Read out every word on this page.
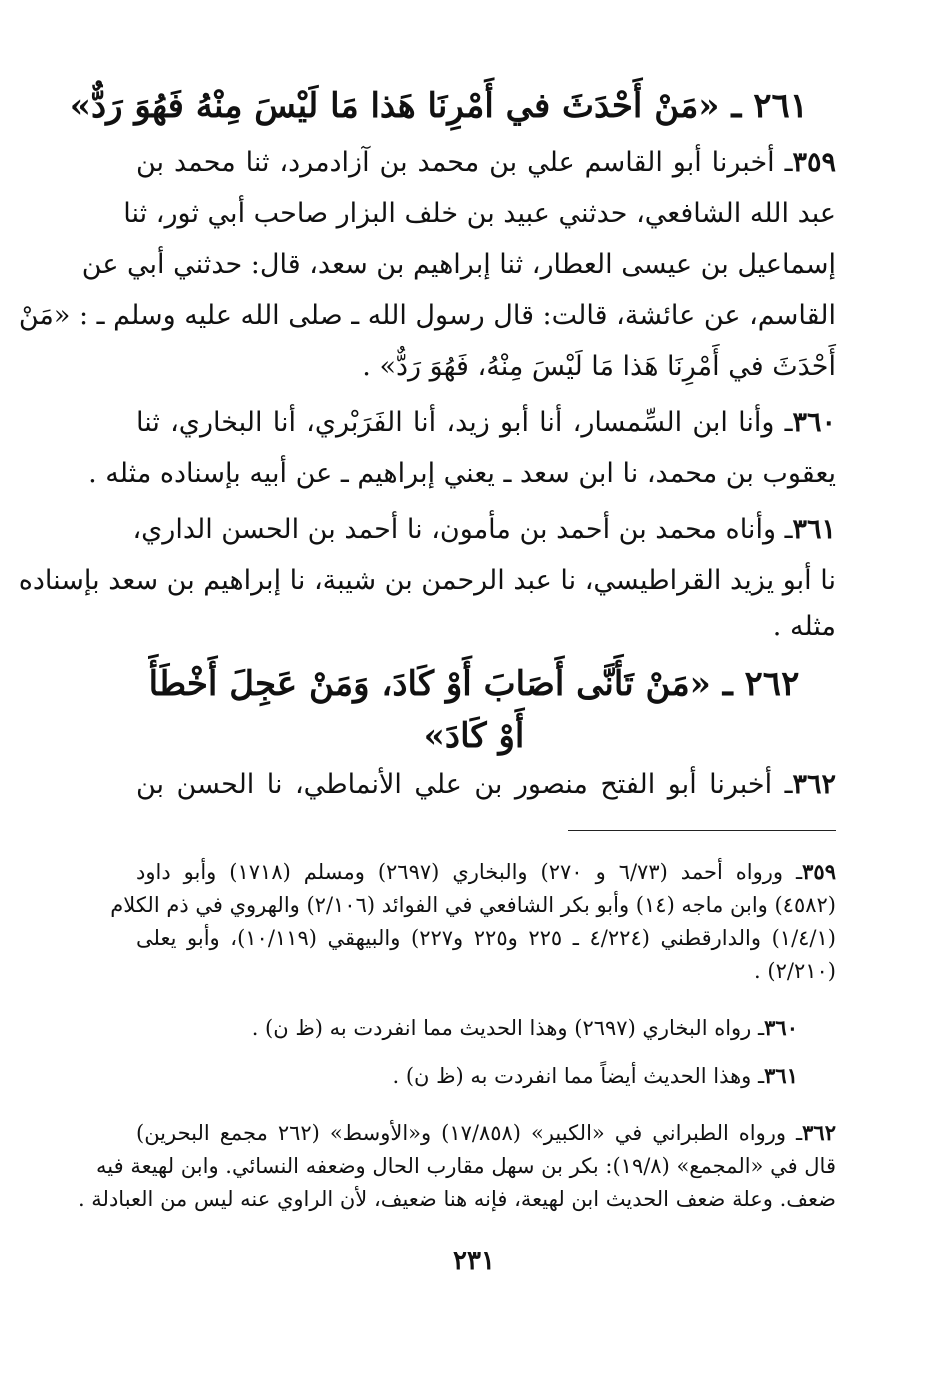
٢٦١ ـ «مَنْ أَحْدَثَ في أَمْرِنَا هَذا مَا لَيْسَ مِنْهُ فَهُوَ رَدٌّ»
٣٥٩ـ أخبرنا أبو القاسم علي بن محمد بن آزادمرد، ثنا محمد بن
عبد الله الشافعي، حدثني عبيد بن خلف البزار صاحب أبي ثور، ثنا
إسماعيل بن عيسى العطار، ثنا إبراهيم بن سعد، قال: حدثني أبي عن
القاسم، عن عائشة، قالت: قال رسول الله ـ صلى الله عليه وسلم ـ : «مَنْ
أَحْدَثَ في أَمْرِنَا هَذا مَا لَيْسَ مِنْهُ، فَهُوَ رَدٌّ» .
٣٦٠ـ وأنا ابن السِّمسار، أنا أبو زيد، أنا الفَرَبْري، أنا البخاري، ثنا
يعقوب بن محمد، نا ابن سعد ـ يعني إبراهيم ـ عن أبيه بإسناده مثله .
٣٦١ـ وأناه محمد بن أحمد بن مأمون، نا أحمد بن الحسن الداري،
نا أبو يزيد القراطيسي، نا عبد الرحمن بن شيبة، نا إبراهيم بن سعد بإسناده
مثله .
٢٦٢ ـ «مَنْ تَأَنَّى أَصَابَ أَوْ كَادَ، وَمَنْ عَجِلَ أَخْطَأَ
أَوْ كَادَ»
٣٦٢ـ أخبرنا أبو الفتح منصور بن علي الأنماطي، نا الحسن بن
٣٥٩ـ ورواه أحمد (٦/٧٣ و ٢٧٠) والبخاري (٢٦٩٧) ومسلم (١٧١٨) وأبو داود
(٤٥٨٢) وابن ماجه (١٤) وأبو بكر الشافعي في الفوائد (٢/١٠٦) والهروي في ذم الكلام
(١/٤/١) والدارقطني (٤/٢٢٤ ـ ٢٢٥ و٢٢٥ و٢٢٧) والبيهقي (١٠/١١٩)، وأبو يعلى
(٢/٢١٠) .
٣٦٠ـ رواه البخاري (٢٦٩٧) وهذا الحديث مما انفردت به (ظ ن) .
٣٦١ـ وهذا الحديث أيضاً مما انفردت به (ظ ن) .
٣٦٢ـ ورواه الطبراني في «الكبير» (١٧/٨٥٨) و«الأوسط» (٢٦٢ مجمع البحرين)
قال في «المجمع» (١٩/٨): بكر بن سهل مقارب الحال وضعفه النسائي. وابن لهيعة فيه
ضعف. وعلة ضعف الحديث ابن لهيعة، فإنه هنا ضعيف، لأن الراوي عنه ليس من العبادلة .
٢٣١
